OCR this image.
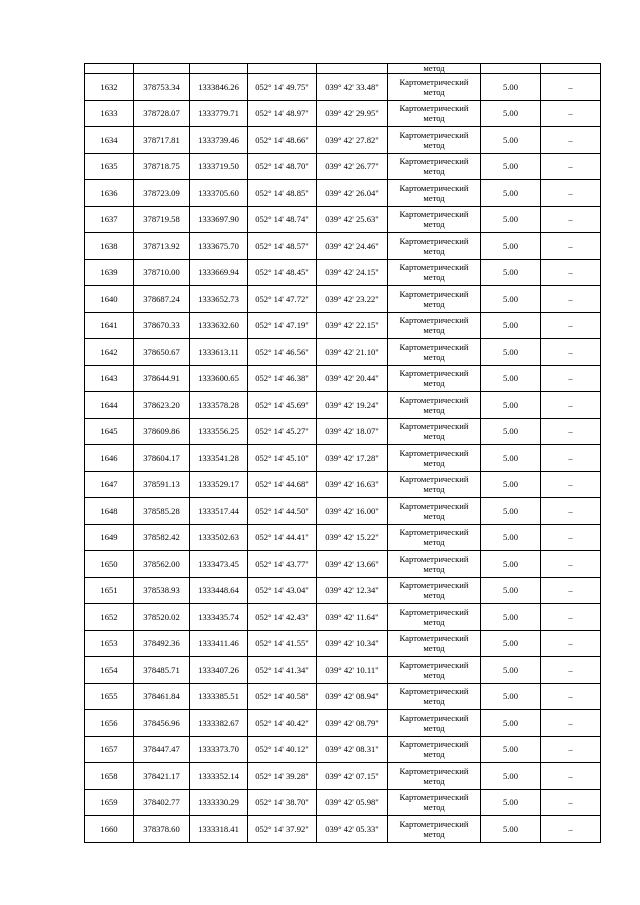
					метод		

1632	378753.34	1333846.26	052° 14' 49.75"	039° 42' 33.48"	Картометрический
метод	5.00	–
1633	378728.07	1333779.71	052° 14' 48.97"	039° 42' 29.95"	Картометрический
метод	5.00	–
1634	378717.81	1333739.46	052° 14' 48.66"	039° 42' 27.82"	Картометрический
метод	5.00	–
1635	378718.75	1333719.50	052° 14' 48.70"	039° 42' 26.77"	Картометрический
метод	5.00	–
1636	378723.09	1333705.60	052° 14' 48.85"	039° 42' 26.04"	Картометрический
метод	5.00	–
1637	378719.58	1333697.90	052° 14' 48.74"	039° 42' 25.63"	Картометрический
метод	5.00	–
1638	378713.92	1333675.70	052° 14' 48.57"	039° 42' 24.46"	Картометрический
метод	5.00	–
1639	378710.00	1333669.94	052° 14' 48.45"	039° 42' 24.15"	Картометрический
метод	5.00	–
1640	378687.24	1333652.73	052° 14' 47.72"	039° 42' 23.22"	Картометрический
метод	5.00	–
1641	378670.33	1333632.60	052° 14' 47.19"	039° 42' 22.15"	Картометрический
метод	5.00	–
1642	378650.67	1333613.11	052° 14' 46.56"	039° 42' 21.10"	Картометрический
метод	5.00	–
1643	378644.91	1333600.65	052° 14' 46.38"	039° 42' 20.44"	Картометрический
метод	5.00	–
1644	378623.20	1333578.28	052° 14' 45.69"	039° 42' 19.24"	Картометрический
метод	5.00	–
1645	378609.86	1333556.25	052° 14' 45.27"	039° 42' 18.07"	Картометрический
метод	5.00	–
1646	378604.17	1333541.28	052° 14' 45.10"	039° 42' 17.28"	Картометрический
метод	5.00	–
1647	378591.13	1333529.17	052° 14' 44.68"	039° 42' 16.63"	Картометрический
метод	5.00	–
1648	378585.28	1333517.44	052° 14' 44.50"	039° 42' 16.00"	Картометрический
метод	5.00	–
1649	378582.42	1333502.63	052° 14' 44.41"	039° 42' 15.22"	Картометрический
метод	5.00	–
1650	378562.00	1333473.45	052° 14' 43.77"	039° 42' 13.66"	Картометрический
метод	5.00	–
1651	378538.93	1333448.64	052° 14' 43.04"	039° 42' 12.34"	Картометрический
метод	5.00	–
1652	378520.02	1333435.74	052° 14' 42.43"	039° 42' 11.64"	Картометрический
метод	5.00	–
1653	378492.36	1333411.46	052° 14' 41.55"	039° 42' 10.34"	Картометрический
метод	5.00	–
1654	378485.71	1333407.26	052° 14' 41.34"	039° 42' 10.11"	Картометрический
метод	5.00	–
1655	378461.84	1333385.51	052° 14' 40.58"	039° 42' 08.94"	Картометрический
метод	5.00	–
1656	378456.96	1333382.67	052° 14' 40.42"	039° 42' 08.79"	Картометрический
метод	5.00	–
1657	378447.47	1333373.70	052° 14' 40.12"	039° 42' 08.31"	Картометрический
метод	5.00	–
1658	378421.17	1333352.14	052° 14' 39.28"	039° 42' 07.15"	Картометрический
метод	5.00	–
1659	378402.77	1333330.29	052° 14' 38.70"	039° 42' 05.98"	Картометрический
метод	5.00	–
1660	378378.60	1333318.41	052° 14' 37.92"	039° 42' 05.33"	Картометрический
метод	5.00	–
